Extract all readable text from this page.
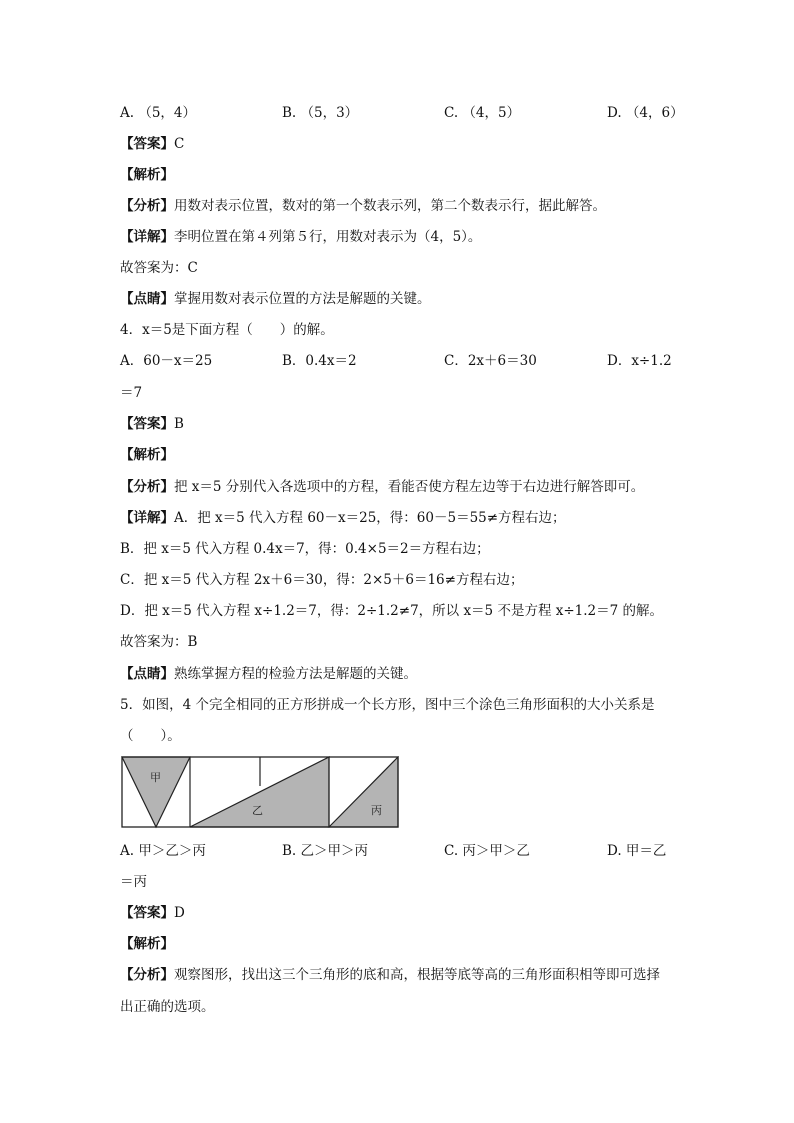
A. （5，4）	B. （5，3）	C. （4，5）	D. （4，6）
【答案】C
【解析】
【分析】用数对表示位置，数对的第一个数表示列，第二个数表示行，据此解答。
【详解】李明位置在第４列第５行，用数对表示为（4，5）。
故答案为：C
【点睛】掌握用数对表示位置的方法是解题的关键。
4．x＝5是下面方程（　　）的解。
A．60－x＝25	B．0.4x＝2	C．2x＋6＝30	D．x÷1.2
＝7
【答案】B
【解析】
【分析】把 x＝5 分别代入各选项中的方程，看能否使方程左边等于右边进行解答即可。
【详解】A．把 x＝5 代入方程 60－x＝25，得：60－5＝55≠方程右边；
B．把 x＝5 代入方程 0.4x＝7，得：0.4×5＝2＝方程右边；
C．把 x＝5 代入方程 2x＋6＝30，得：2×5＋6＝16≠方程右边；
D．把 x＝5 代入方程 x÷1.2＝7，得：2÷1.2≠7，所以 x＝5 不是方程 x÷1.2＝7 的解。
故答案为：B
【点睛】熟练掌握方程的检验方法是解题的关键。
5．如图，4 个完全相同的正方形拼成一个长方形，图中三个涂色三角形面积的大小关系是
（　　）。
甲
乙	丙
A. 甲＞乙＞丙	B. 乙＞甲＞丙	C. 丙＞甲＞乙	D. 甲＝乙
＝丙
【答案】D
【解析】
【分析】观察图形，找出这三个三角形的底和高，根据等底等高的三角形面积相等即可选择
出正确的选项。
